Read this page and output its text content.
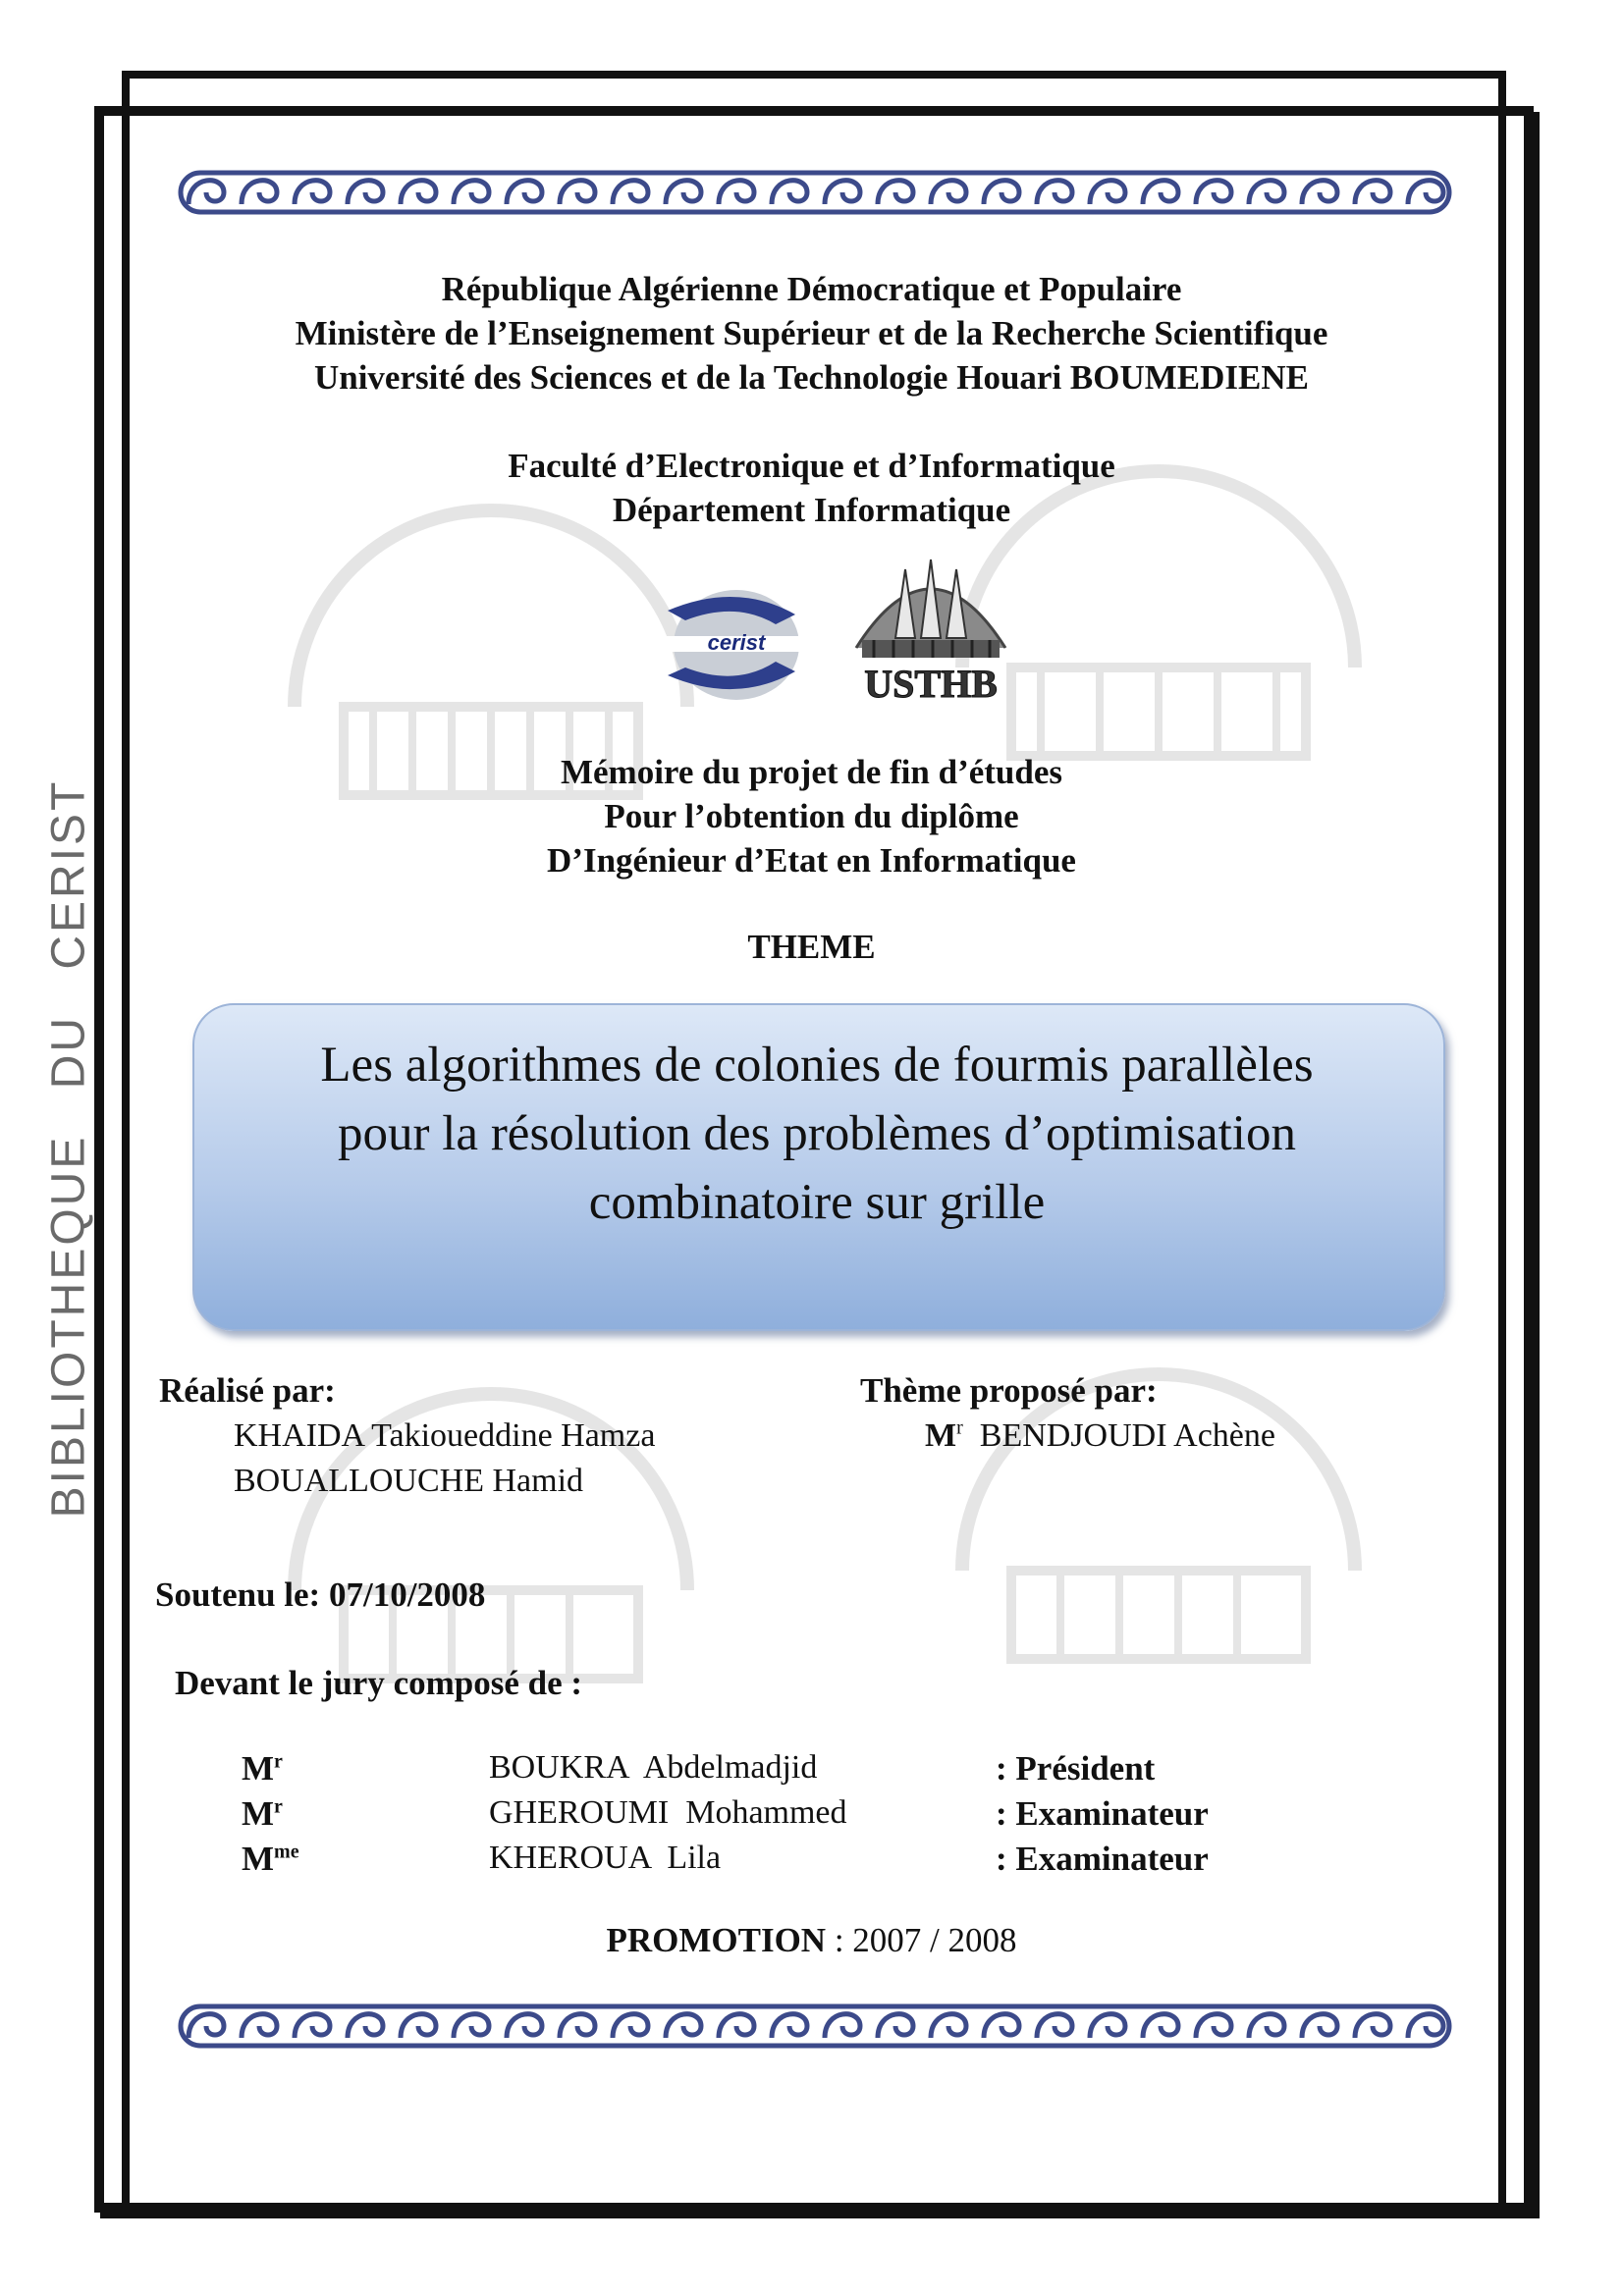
BIBLIOTHEQUE DU CERIST
République Algérienne Démocratique et Populaire
Ministère de l’Enseignement Supérieur et de la Recherche Scientifique
Université des Sciences et de la Technologie Houari BOUMEDIENE
Faculté d’Electronique et d’Informatique
Département Informatique
cerist
USTHB
Mémoire du projet de fin d’études
Pour l’obtention du diplôme
D’Ingénieur d’Etat en Informatique
THEME
Les algorithmes de colonies de fourmis parallèles
pour la résolution des problèmes d’optimisation
combinatoire sur grille
Réalisé par:
KHAIDA Takioueddine Hamza
BOUALLOUCHE Hamid
Thème proposé par:
$M^r$ BENDJOUDI Achène
Soutenu le: 07/10/2008
Devant le jury composé de :
$M^r$	BOUKRA  Abdelmadjid	: Président
$M^r$	GHEROUMI  Mohammed	: Examinateur
$M^{me}$	KHEROUA  Lila	: Examinateur
PROMOTION : 2007 / 2008
